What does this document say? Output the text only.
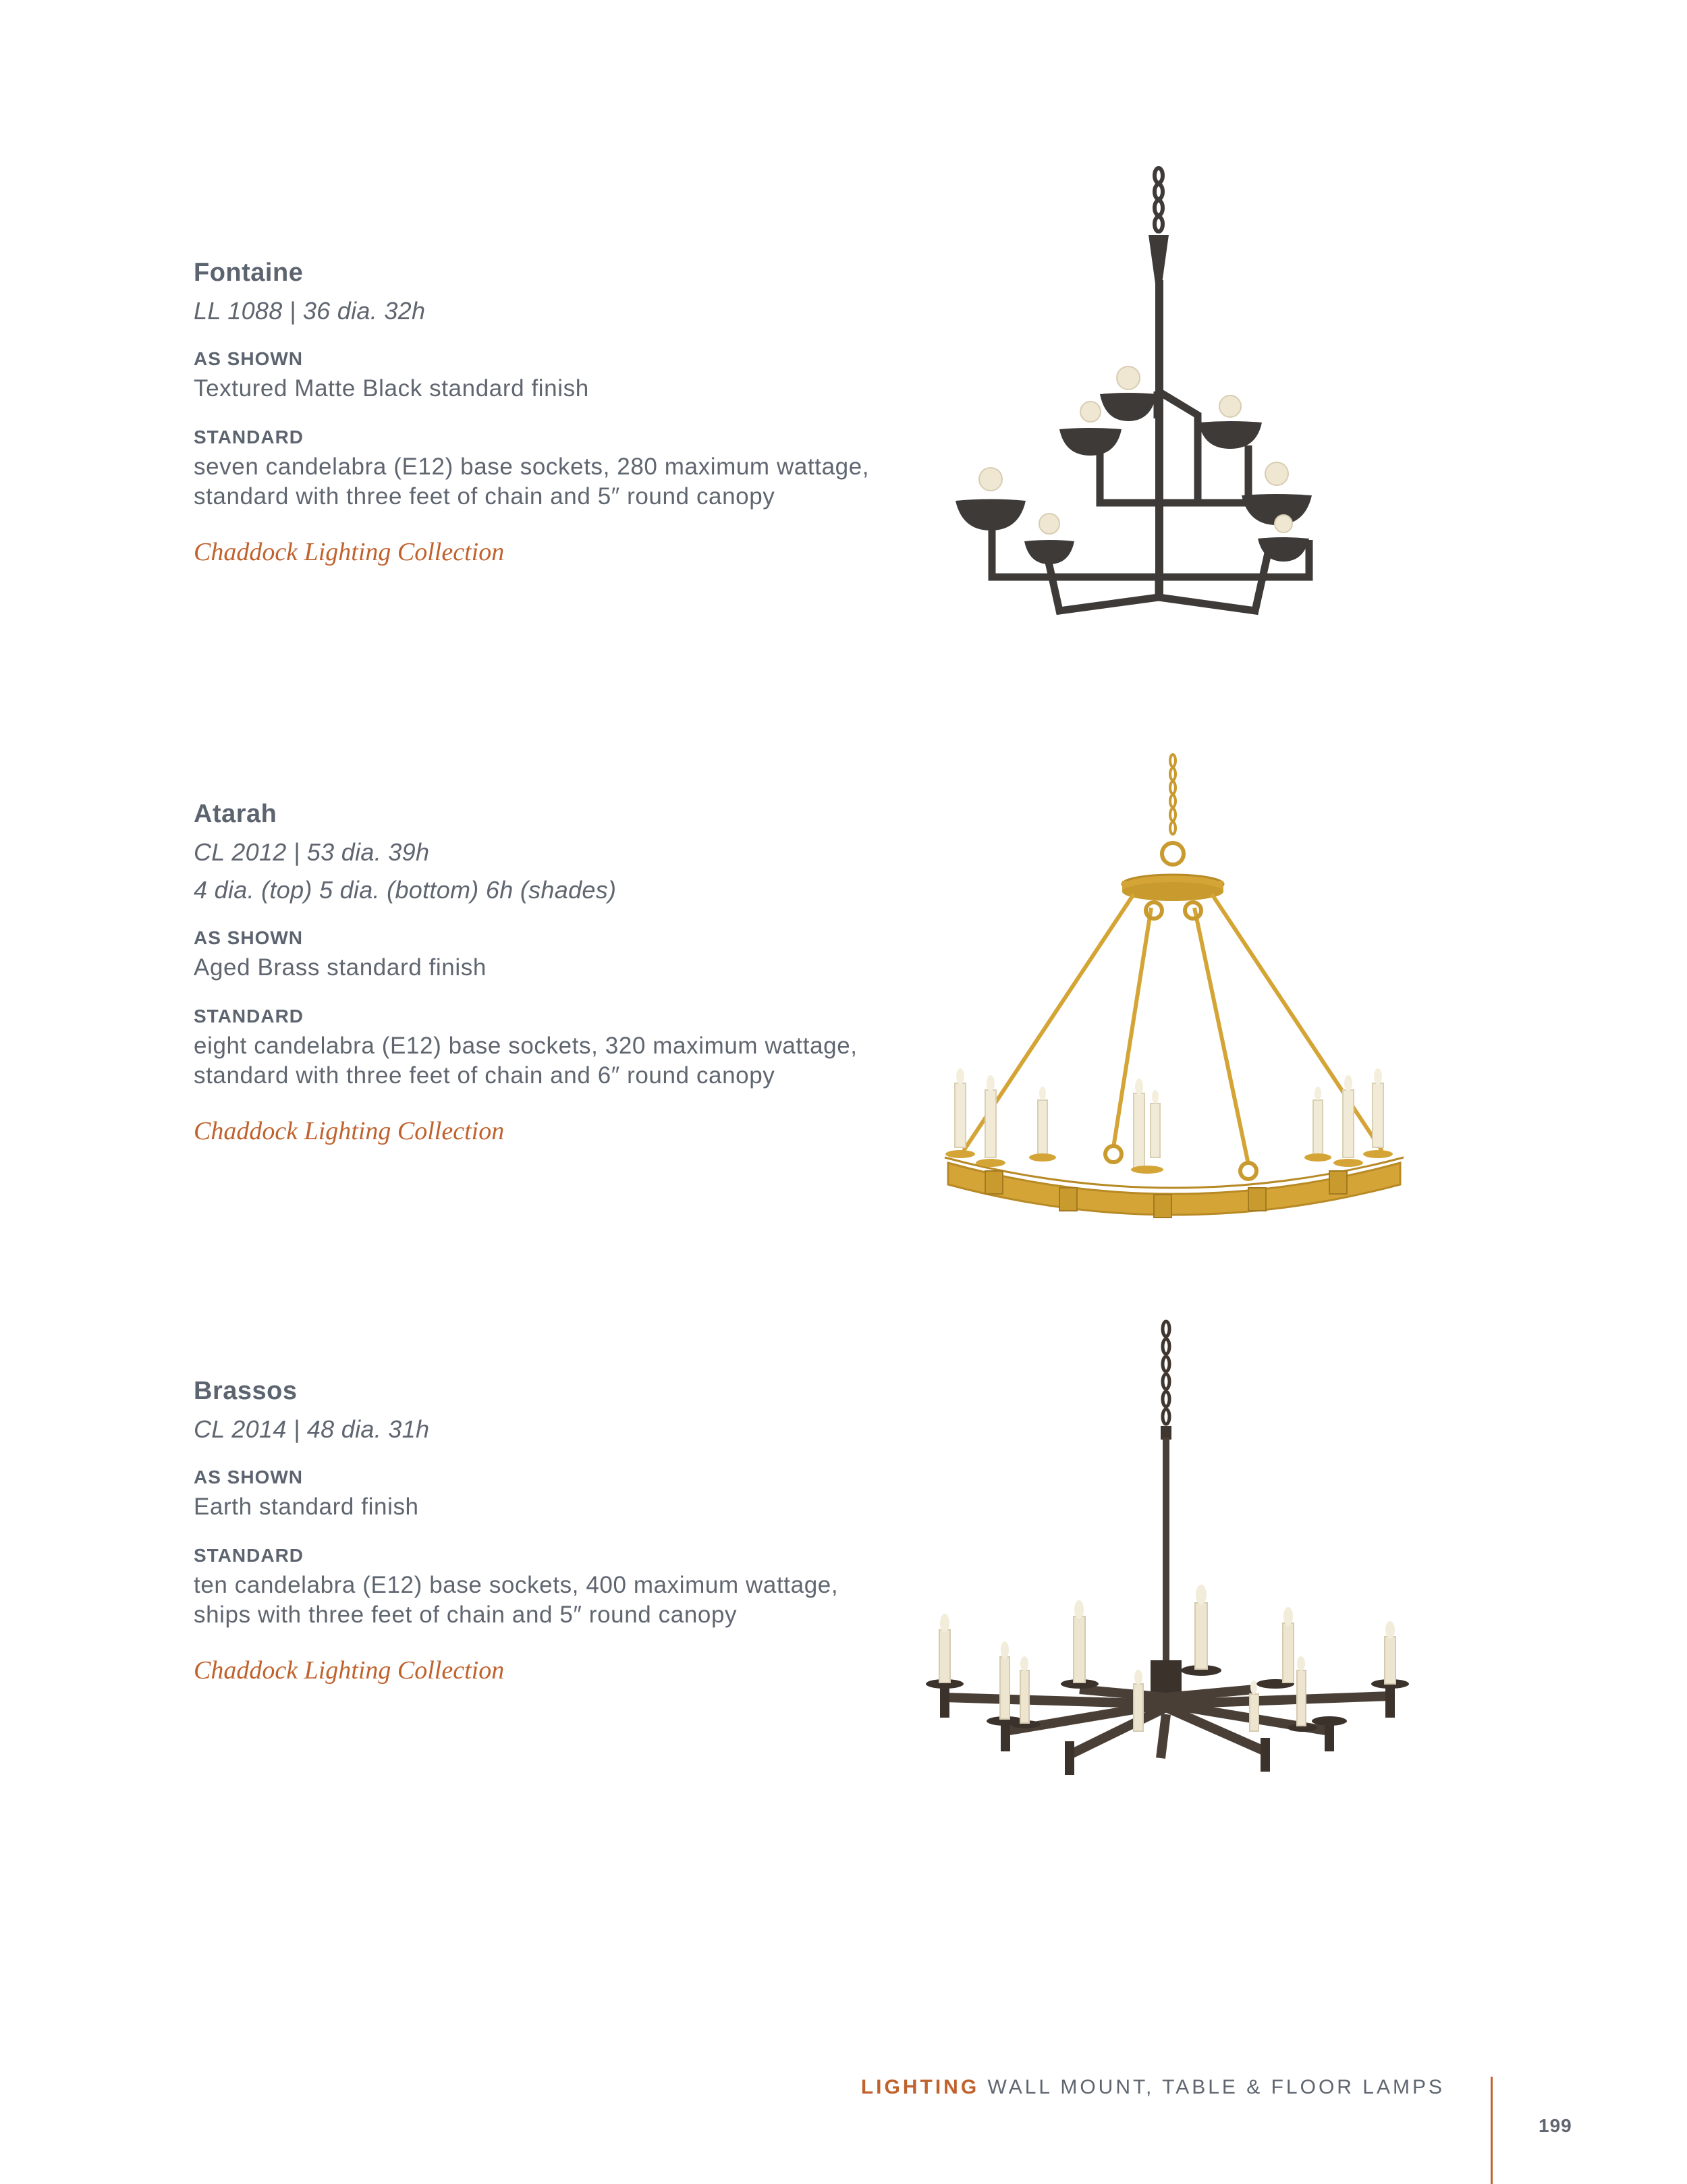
Fontaine

LL 1088 | 36 dia. 32h

AS SHOWN

Textured Matte Black standard finish

STANDARD

seven candelabra (E12) base sockets, 280 maximum wattage, standard with three feet of chain and 5″ round canopy

Chaddock Lighting Collection

Atarah

CL 2012 | 53 dia. 39h

4 dia. (top) 5 dia. (bottom) 6h (shades)

AS SHOWN

Aged Brass standard finish

STANDARD

eight candelabra (E12) base sockets, 320 maximum wattage, standard with three feet of chain and 6″ round canopy

Chaddock Lighting Collection

Brassos

CL 2014 | 48 dia. 31h

AS SHOWN

Earth standard finish

STANDARD

ten candelabra (E12) base sockets, 400 maximum wattage, ships with three feet of chain and 5″ round canopy

Chaddock Lighting Collection

LIGHTING WALL MOUNT, TABLE & FLOOR LAMPS
199
